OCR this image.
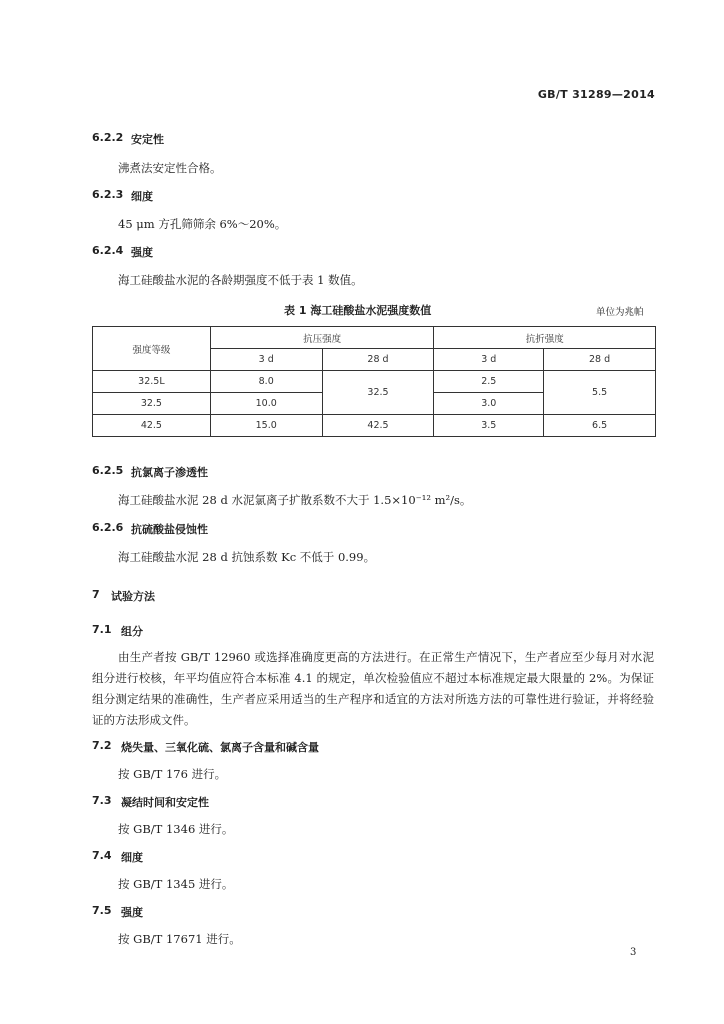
GB/T 31289—2014
6.2.2 安定性
沸煮法安定性合格。
6.2.3 细度
45 μm 方孔筛筛余 6%～20%。
6.2.4 强度
海工硅酸盐水泥的各龄期强度不低于表 1 数值。
表 1 海工硅酸盐水泥强度数值	单位为兆帕
强度等级	抗压强度		抗折强度	
	3 d	28 d	3 d	28 d
32.5L	8.0	32.5	2.5	5.5
32.5	10.0		3.0	
42.5	15.0	42.5	3.5	6.5
6.2.5 抗氯离子渗透性
海工硅酸盐水泥 28 d 水泥氯离子扩散系数不大于 1.5×10⁻¹² m²/s。
6.2.6 抗硫酸盐侵蚀性
海工硅酸盐水泥 28 d 抗蚀系数 Kc 不低于 0.99。
7 试验方法
7.1 组分
由生产者按 GB/T 12960 或选择准确度更高的方法进行。在正常生产情况下，生产者应至少每月对水泥组分进行校核，年平均值应符合本标准 4.1 的规定，单次检验值应不超过本标准规定最大限量的 2%。为保证组分测定结果的准确性，生产者应采用适当的生产程序和适宜的方法对所选方法的可靠性进行验证，并将经验证的方法形成文件。
7.2 烧失量、三氧化硫、氯离子含量和碱含量
按 GB/T 176 进行。
7.3 凝结时间和安定性
按 GB/T 1346 进行。
7.4 细度
按 GB/T 1345 进行。
7.5 强度
按 GB/T 17671 进行。
3
